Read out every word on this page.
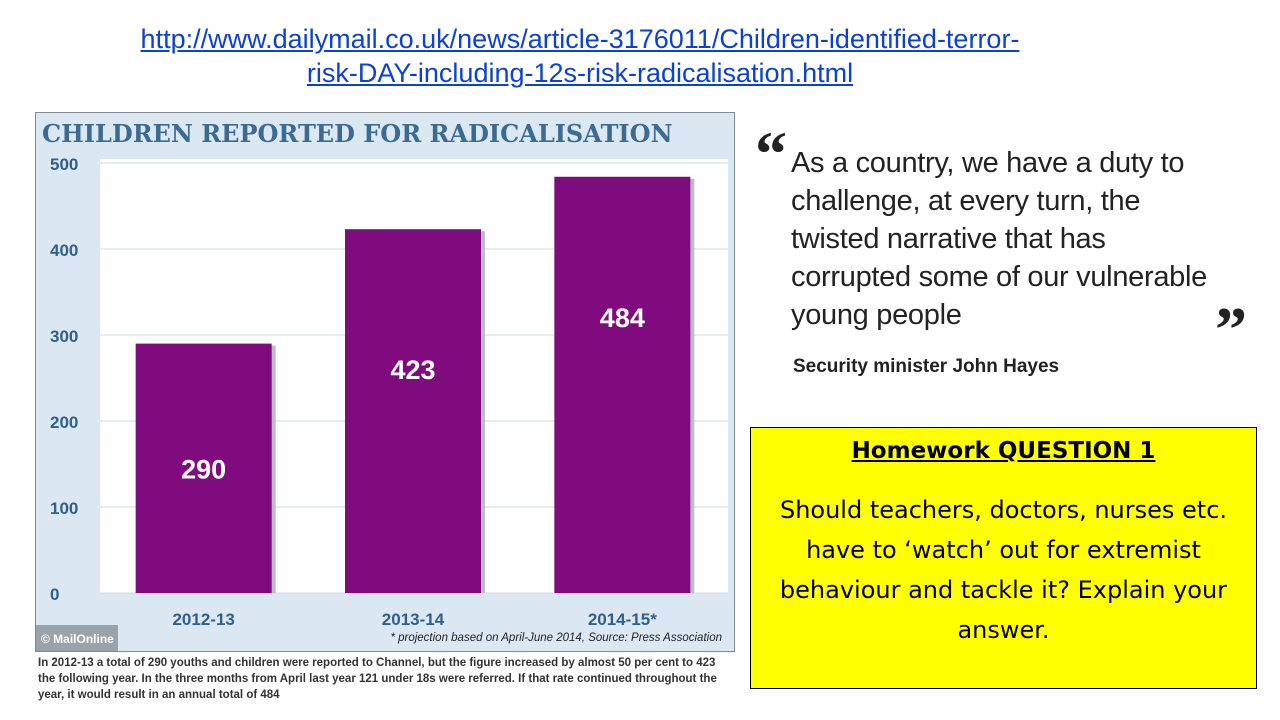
http://www.dailymail.co.uk/news/article-3176011/Children-identified-terror-
risk-DAY-including-12s-risk-radicalisation.html
CHILDREN REPORTED FOR RADICALISATION
0
100
200
300
400
500
290
423
484
2012-13	2013-14	2014-15*
© MailOnline	* projection based on April-June 2014, Source: Press Association
In 2012-13 a total of 290 youths and children were reported to Channel, but the figure increased by almost 50 per cent to 423 the following year. In the three months from April last year 121 under 18s were referred. If that rate continued throughout the year, it would result in an annual total of 484
“ As a country, we have a duty to challenge, at every turn, the twisted narrative that has corrupted some of our vulnerable young people	”
Security minister John Hayes
Homework QUESTION 1
Should teachers, doctors, nurses etc. have to ‘watch’ out for extremist behaviour and tackle it? Explain your answer.
